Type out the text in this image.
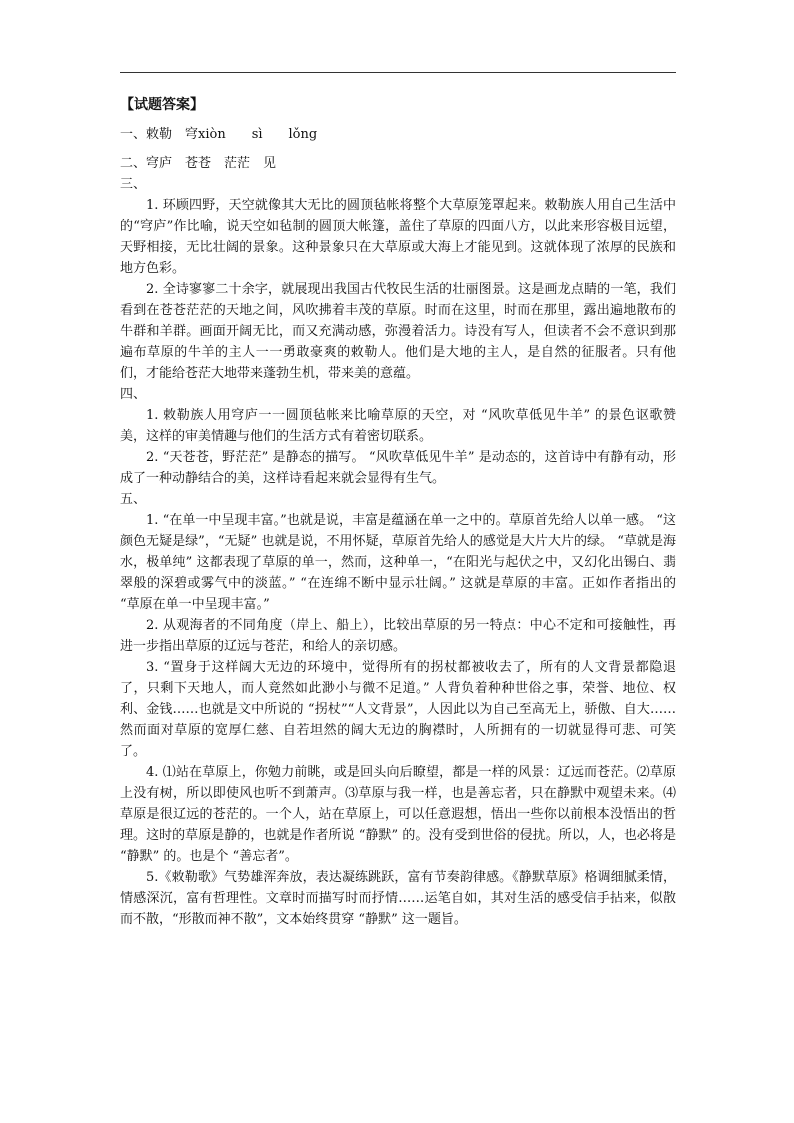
【试题答案】
一、敕勒　穹xiòn　　sì　　lǒng
二、穹庐　苍苍　茫茫　见
三、
1. 环顾四野，天空就像其大无比的圆顶毡帐将整个大草原笼罩起来。敕勒族人用自己生活中的“穹庐”作比喻，说天空如毡制的圆顶大帐篷，盖住了草原的四面八方，以此来形容极目远望，天野相接，无比壮阔的景象。这种景象只在大草原或大海上才能见到。这就体现了浓厚的民族和地方色彩。
2. 全诗寥寥二十余字，就展现出我国古代牧民生活的壮丽图景。这是画龙点睛的一笔，我们看到在苍苍茫茫的天地之间，风吹拂着丰茂的草原。时而在这里，时而在那里，露出遍地散布的牛群和羊群。画面开阔无比，而又充满动感，弥漫着活力。诗没有写人，但读者不会不意识到那遍布草原的牛羊的主人一一勇敢豪爽的敕勒人。他们是大地的主人，是自然的征服者。只有他们，才能给苍茫大地带来蓬勃生机，带来美的意蕴。
四、
1. 敕勒族人用穹庐一一圆顶毡帐来比喻草原的天空，对 “风吹草低见牛羊” 的景色讴歌赞美，这样的审美情趣与他们的生活方式有着密切联系。
2. “天苍苍，野茫茫” 是静态的描写。 “风吹草低见牛羊” 是动态的，这首诗中有静有动，形成了一种动静结合的美，这样诗看起来就会显得有生气。
五、
1. “在单一中呈现丰富。”也就是说，丰富是蕴涵在单一之中的。草原首先给人以单一感。 “这颜色无疑是绿”，“无疑” 也就是说，不用怀疑，草原首先给人的感觉是大片大片的绿。 “草就是海水，极单纯” 这都表现了草原的单一，然而，这种单一，“在阳光与起伏之中，又幻化出锡白、翡翠般的深碧或雾气中的淡蓝。” “在连绵不断中显示壮阔。” 这就是草原的丰富。正如作者指出的 “草原在单一中呈现丰富。”
2. 从观海者的不同角度（岸上、船上），比较出草原的另一特点：中心不定和可接触性，再进一步指出草原的辽远与苍茫，和给人的亲切感。
3. “置身于这样阔大无边的环境中，觉得所有的拐杖都被收去了，所有的人文背景都隐退了，只剩下天地人，而人竟然如此渺小与微不足道。” 人背负着种种世俗之事，荣誉、地位、权利、金钱……也就是文中所说的 “拐杖”“人文背景”，人因此以为自己至高无上，骄傲、自大……然而面对草原的宽厚仁慈、自若坦然的阔大无边的胸襟时，人所拥有的一切就显得可悲、可笑了。
4. ⑴站在草原上，你勉力前眺，或是回头向后瞭望，都是一样的风景：辽远而苍茫。⑵草原上没有树，所以即使风也听不到萧声。⑶草原与我一样，也是善忘者，只在静默中观望未来。⑷草原是很辽远的苍茫的。一个人，站在草原上，可以任意遐想，悟出一些你以前根本没悟出的哲理。这时的草原是静的，也就是作者所说 “静默” 的。没有受到世俗的侵扰。所以，人，也必将是 “静默” 的。也是个 “善忘者”。
5.《敕勒歌》气势雄浑奔放，表达凝练跳跃，富有节奏韵律感。《静默草原》格调细腻柔情，情感深沉，富有哲理性。文章时而描写时而抒情……运笔自如，其对生活的感受信手拈来，似散而不散，“形散而神不散”，文本始终贯穿 “静默” 这一题旨。
